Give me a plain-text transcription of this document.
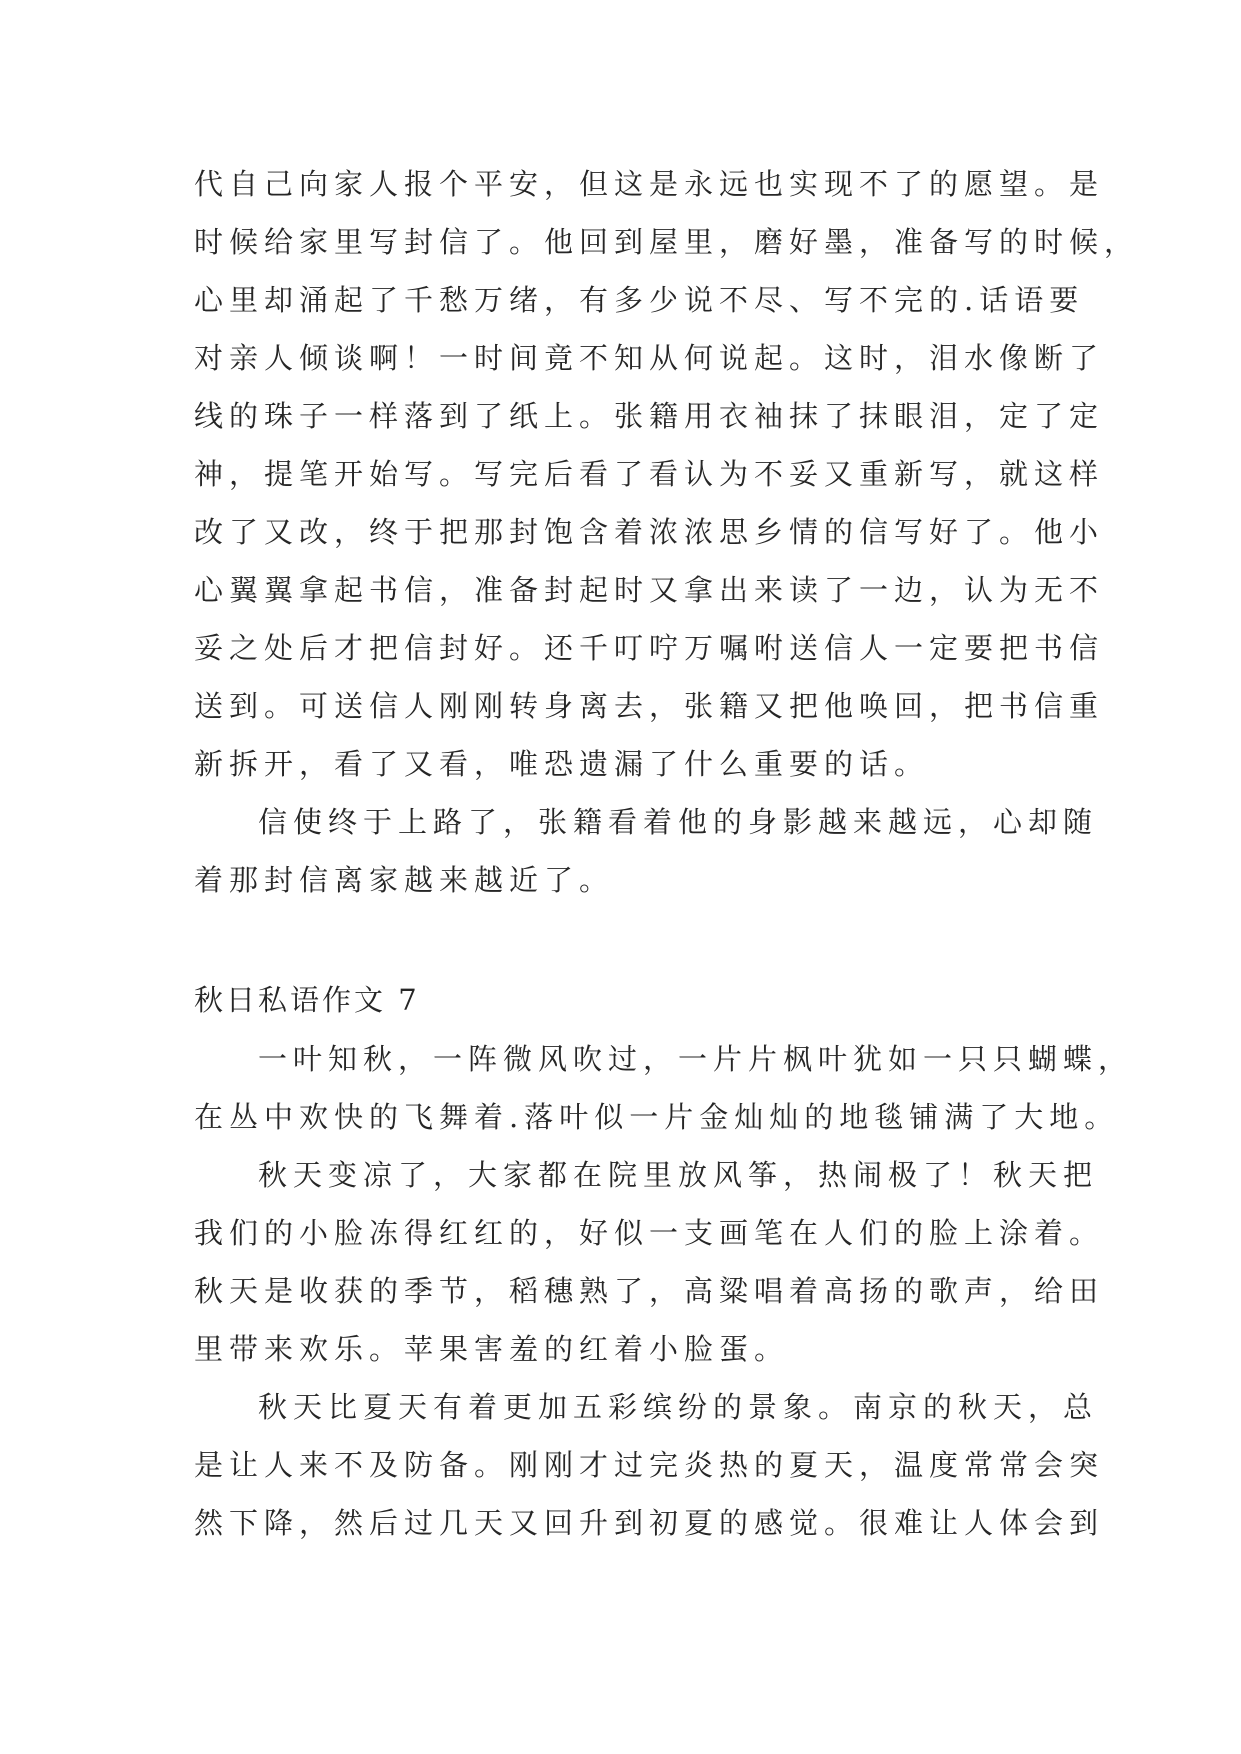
代自己向家人报个平安，但这是永远也实现不了的愿望。是
时候给家里写封信了。他回到屋里，磨好墨，准备写的时候，
心里却涌起了千愁万绪，有多少说不尽、写不完的.话语要
对亲人倾谈啊！一时间竟不知从何说起。这时，泪水像断了
线的珠子一样落到了纸上。张籍用衣袖抹了抹眼泪，定了定
神，提笔开始写。写完后看了看认为不妥又重新写，就这样
改了又改，终于把那封饱含着浓浓思乡情的信写好了。他小
心翼翼拿起书信，准备封起时又拿出来读了一边，认为无不
妥之处后才把信封好。还千叮咛万嘱咐送信人一定要把书信
送到。可送信人刚刚转身离去，张籍又把他唤回，把书信重
新拆开，看了又看，唯恐遗漏了什么重要的话。
信使终于上路了，张籍看着他的身影越来越远，心却随
着那封信离家越来越近了。
秋日私语作文 7
一叶知秋，一阵微风吹过，一片片枫叶犹如一只只蝴蝶，
在丛中欢快的飞舞着.落叶似一片金灿灿的地毯铺满了大地。
秋天变凉了，大家都在院里放风筝，热闹极了！秋天把
我们的小脸冻得红红的，好似一支画笔在人们的脸上涂着。
秋天是收获的季节，稻穗熟了，高粱唱着高扬的歌声，给田
里带来欢乐。苹果害羞的红着小脸蛋。
秋天比夏天有着更加五彩缤纷的景象。南京的秋天，总
是让人来不及防备。刚刚才过完炎热的夏天，温度常常会突
然下降，然后过几天又回升到初夏的感觉。很难让人体会到
